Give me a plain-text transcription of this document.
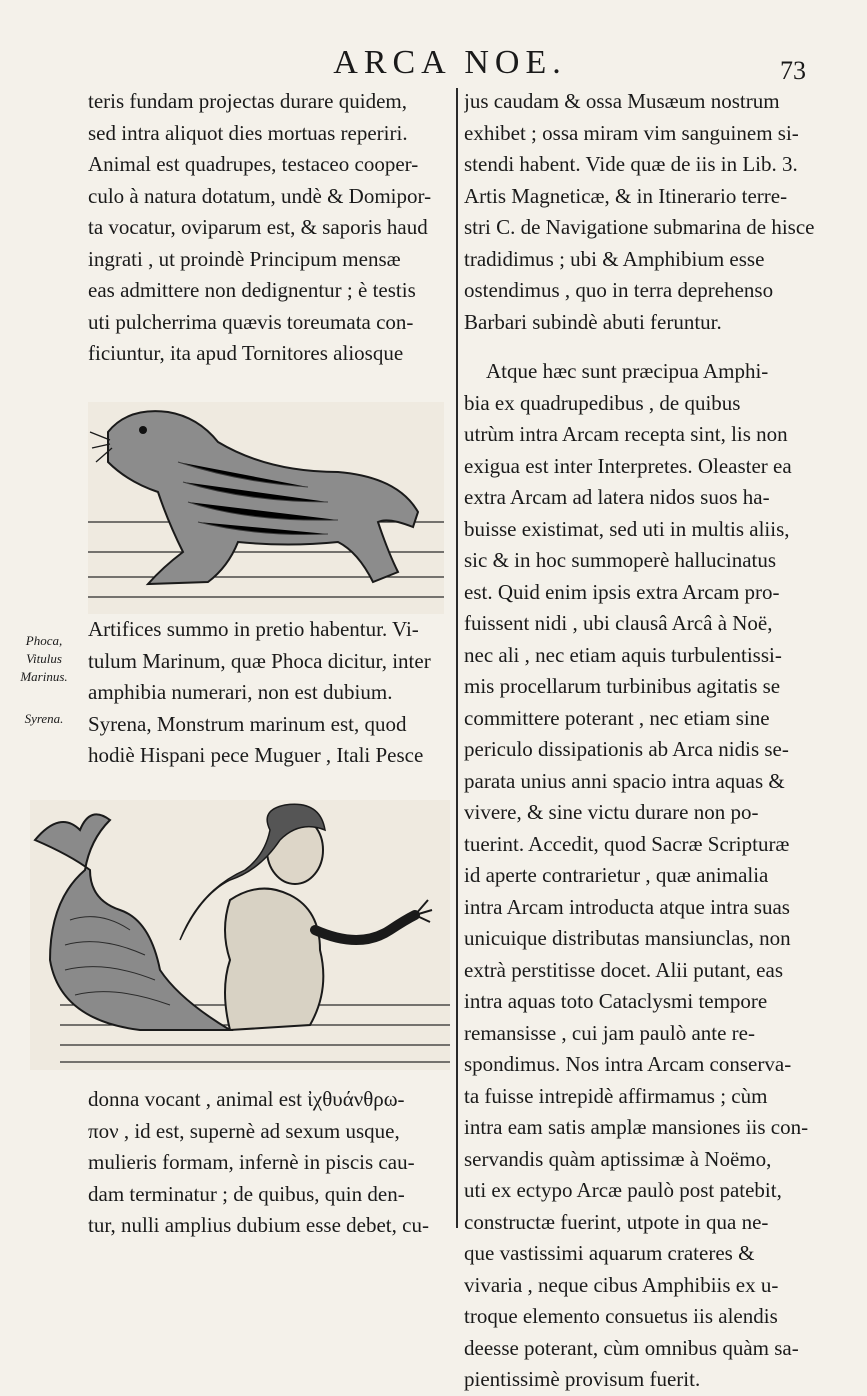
ARCA NOE.	73
teris fundam projectas durare quidem,
sed intra aliquot dies mortuas reperiri.
Animal est quadrupes, testaceo cooper-
culo à natura dotatum, undè & Domipor-
ta vocatur, oviparum est, & saporis haud
ingrati , ut proindè Principum mensæ
eas admittere non dedignentur ; è testis
uti pulcherrima quævis toreumata con-
ficiuntur, ita apud Tornitores aliosque
Phoca,
Vitulus
Marinus.
Syrena.
Artifices summo in pretio habentur. Vi-
tulum Marinum, quæ Phoca dicitur, inter
amphibia numerari, non est dubium.
Syrena, Monstrum marinum est, quod
hodiè Hispani pece Muguer , Itali Pesce
donna vocant , animal est ἰχθυάνθρω-
πον , id est, supernè ad sexum usque,
mulieris formam, infernè in piscis cau-
dam terminatur ; de quibus, quin den-
tur, nulli amplius dubium esse debet, cu-
jus caudam & ossa Musæum nostrum
exhibet ; ossa miram vim sanguinem si-
stendi habent. Vide quæ de iis in Lib. 3.
Artis Magneticæ, & in Itinerario terre-
stri C. de Navigatione submarina de hisce
tradidimus ; ubi & Amphibium esse
ostendimus , quo in terra deprehenso
Barbari subindè abuti feruntur.
Atque hæc sunt præcipua Amphi-
bia ex quadrupedibus , de quibus
utrùm intra Arcam recepta sint, lis non
exigua est inter Interpretes. Oleaster ea
extra Arcam ad latera nidos suos ha-
buisse existimat, sed uti in multis aliis,
sic & in hoc summoperè hallucinatus
est. Quid enim ipsis extra Arcam pro-
fuissent nidi , ubi clausâ Arcâ à Noë,
nec ali , nec etiam aquis turbulentissi-
mis procellarum turbinibus agitatis se
committere poterant , nec etiam sine
periculo dissipationis ab Arca nidis se-
parata unius anni spacio intra aquas &
vivere, & sine victu durare non po-
tuerint. Accedit, quod Sacræ Scripturæ
id aperte contrarietur , quæ animalia
intra Arcam introducta atque intra suas
unicuique distributas mansiunclas, non
extrà perstitisse docet. Alii putant, eas
intra aquas toto Cataclysmi tempore
remansisse , cui jam paulò ante re-
spondimus. Nos intra Arcam conserva-
ta fuisse intrepidè affirmamus ; cùm
intra eam satis amplæ mansiones iis con-
servandis quàm aptissimæ à Noëmo,
uti ex ectypo Arcæ paulò post patebit,
constructæ fuerint, utpote in qua ne-
que vastissimi aquarum crateres &
vivaria , neque cibus Amphibiis ex u-
troque elemento consuetus iis alendis
deesse poterant, cùm omnibus quàm sa-
pientissimè provisum fuerit.
